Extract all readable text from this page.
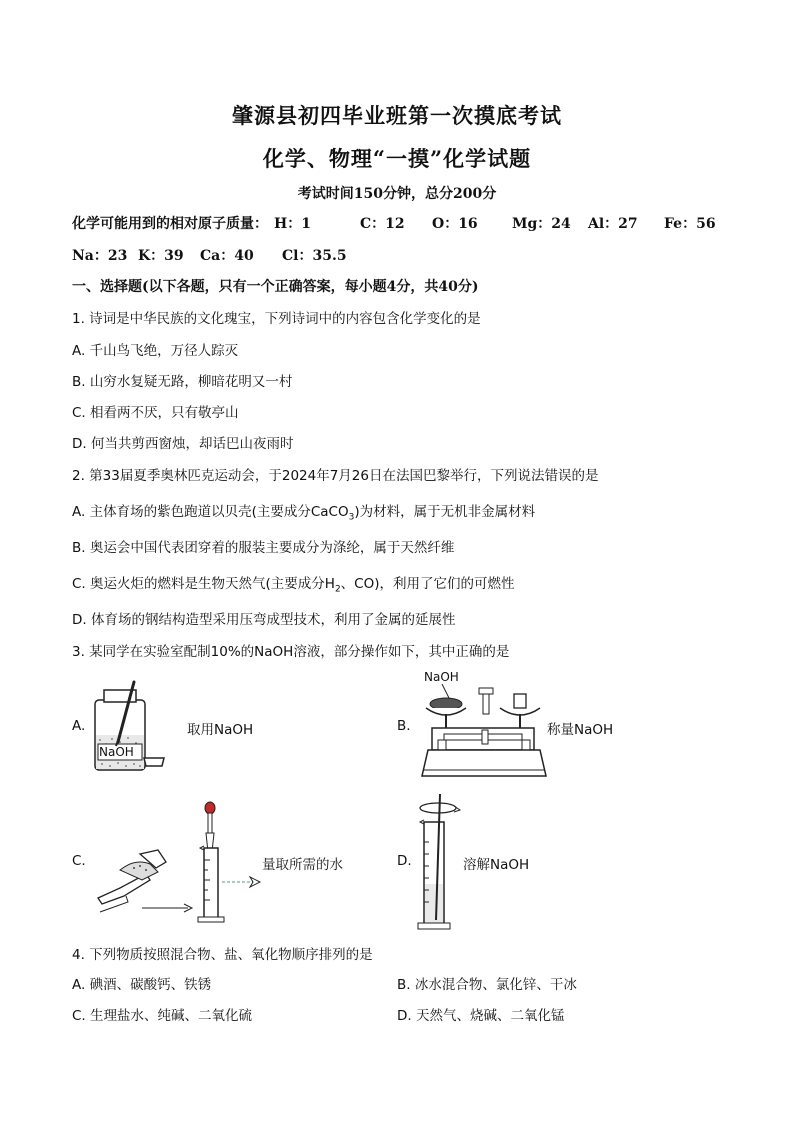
肇源县初四毕业班第一次摸底考试
化学、物理“一摸”化学试题
考试时间150分钟，总分200分
化学可能用到的相对原子质量： H：1	C：12 O：16 Mg：24 Al：27 Fe：56
Na：23 K：39 Ca：40 Cl：35.5
一、选择题(以下各题，只有一个正确答案，每小题4分，共40分)
1. 诗词是中华民族的文化瑰宝，下列诗词中的内容包含化学变化的是
A. 千山鸟飞绝，万径人踪灭
B. 山穷水复疑无路，柳暗花明又一村
C. 相看两不厌，只有敬亭山
D. 何当共剪西窗烛，却话巴山夜雨时
2. 第33届夏季奥林匹克运动会，于2024年7月26日在法国巴黎举行，下列说法错误的是
A. 主体育场的紫色跑道以贝壳(主要成分CaCO$_3$)为材料，属于无机非金属材料
B. 奥运会中国代表团穿着的服装主要成分为涤纶，属于天然纤维
C. 奥运火炬的燃料是生物天然气(主要成分$H_2$、CO)，利用了它们的可燃性
D. 体育场的钢结构造型采用压弯成型技术，利用了金属的延展性
3. 某同学在实验室配制10%的NaOH溶液，部分操作如下，其中正确的是
A.
NaOH
取用NaOH	B.
NaOH
称量NaOH
C.	量取所需的水	D.	溶解NaOH
4. 下列物质按照混合物、盐、氧化物顺序排列的是
A. 碘酒、碳酸钙、铁锈	B. 冰水混合物、氯化锌、干冰
C. 生理盐水、纯碱、二氧化硫	D. 天然气、烧碱、二氧化锰
